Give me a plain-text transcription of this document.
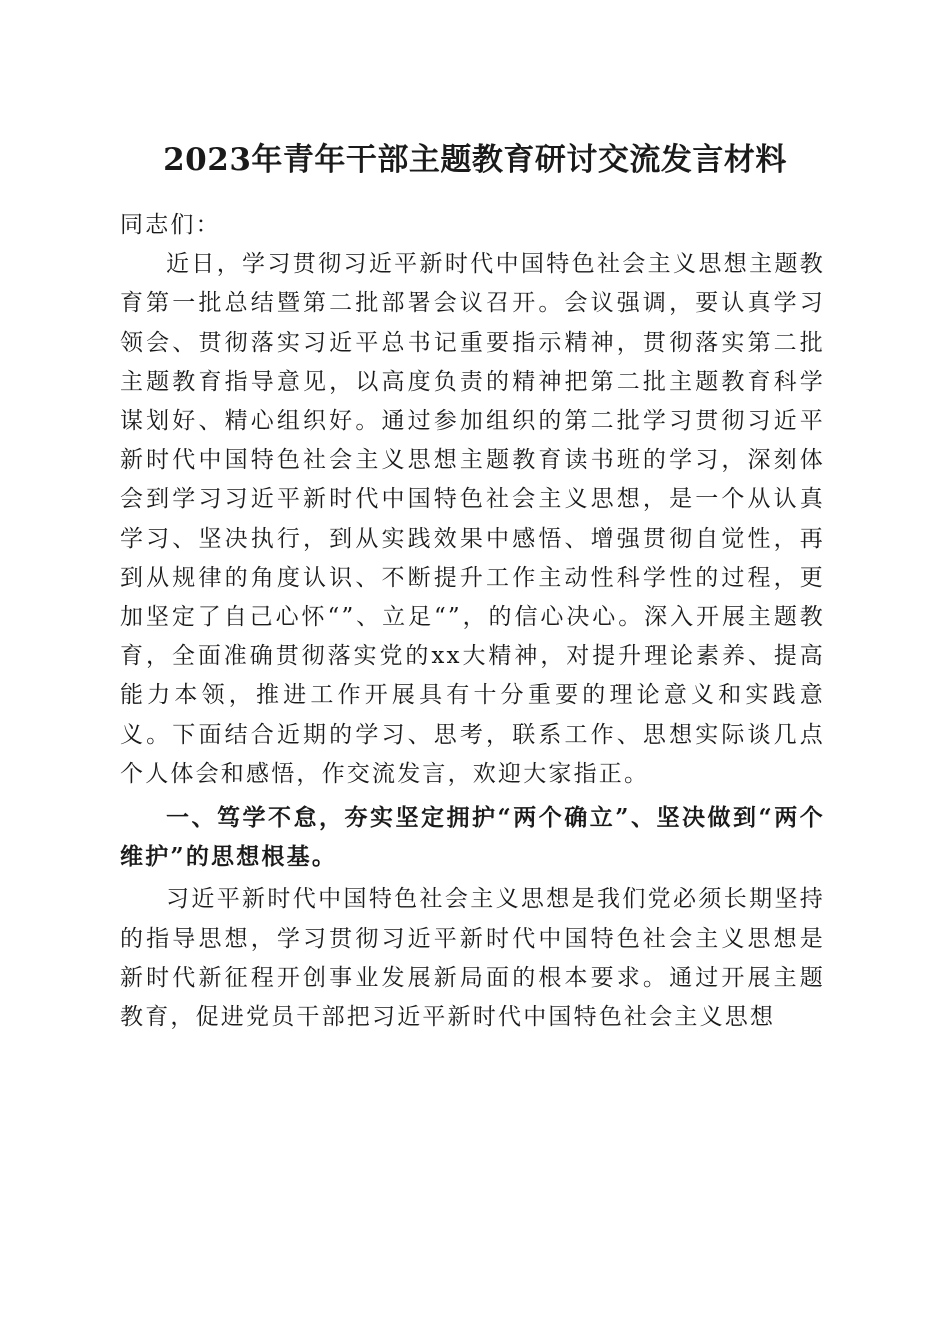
2023年青年干部主题教育研讨交流发言材料

同志们：

近日，学习贯彻习近平新时代中国特色社会主义思想主题教育第一批总结暨第二批部署会议召开。会议强调，要认真学习领会、贯彻落实习近平总书记重要指示精神，贯彻落实第二批主题教育指导意见，以高度负责的精神把第二批主题教育科学谋划好、精心组织好。通过参加组织的第二批学习贯彻习近平新时代中国特色社会主义思想主题教育读书班的学习，深刻体会到学习习近平新时代中国特色社会主义思想，是一个从认真学习、坚决执行，到从实践效果中感悟、增强贯彻自觉性，再到从规律的角度认识、不断提升工作主动性科学性的过程，更加坚定了自己心怀“”、立足“”，的信心决心。深入开展主题教育，全面准确贯彻落实党的xx大精神，对提升理论素养、提高能力本领，推进工作开展具有十分重要的理论意义和实践意义。下面结合近期的学习、思考，联系工作、思想实际谈几点个人体会和感悟，作交流发言，欢迎大家指正。

一、笃学不怠，夯实坚定拥护“两个确立”、坚决做到“两个维护”的思想根基。

习近平新时代中国特色社会主义思想是我们党必须长期坚持的指导思想，学习贯彻习近平新时代中国特色社会主义思想是新时代新征程开创事业发展新局面的根本要求。通过开展主题教育，促进党员干部把习近平新时代中国特色社会主义思想
